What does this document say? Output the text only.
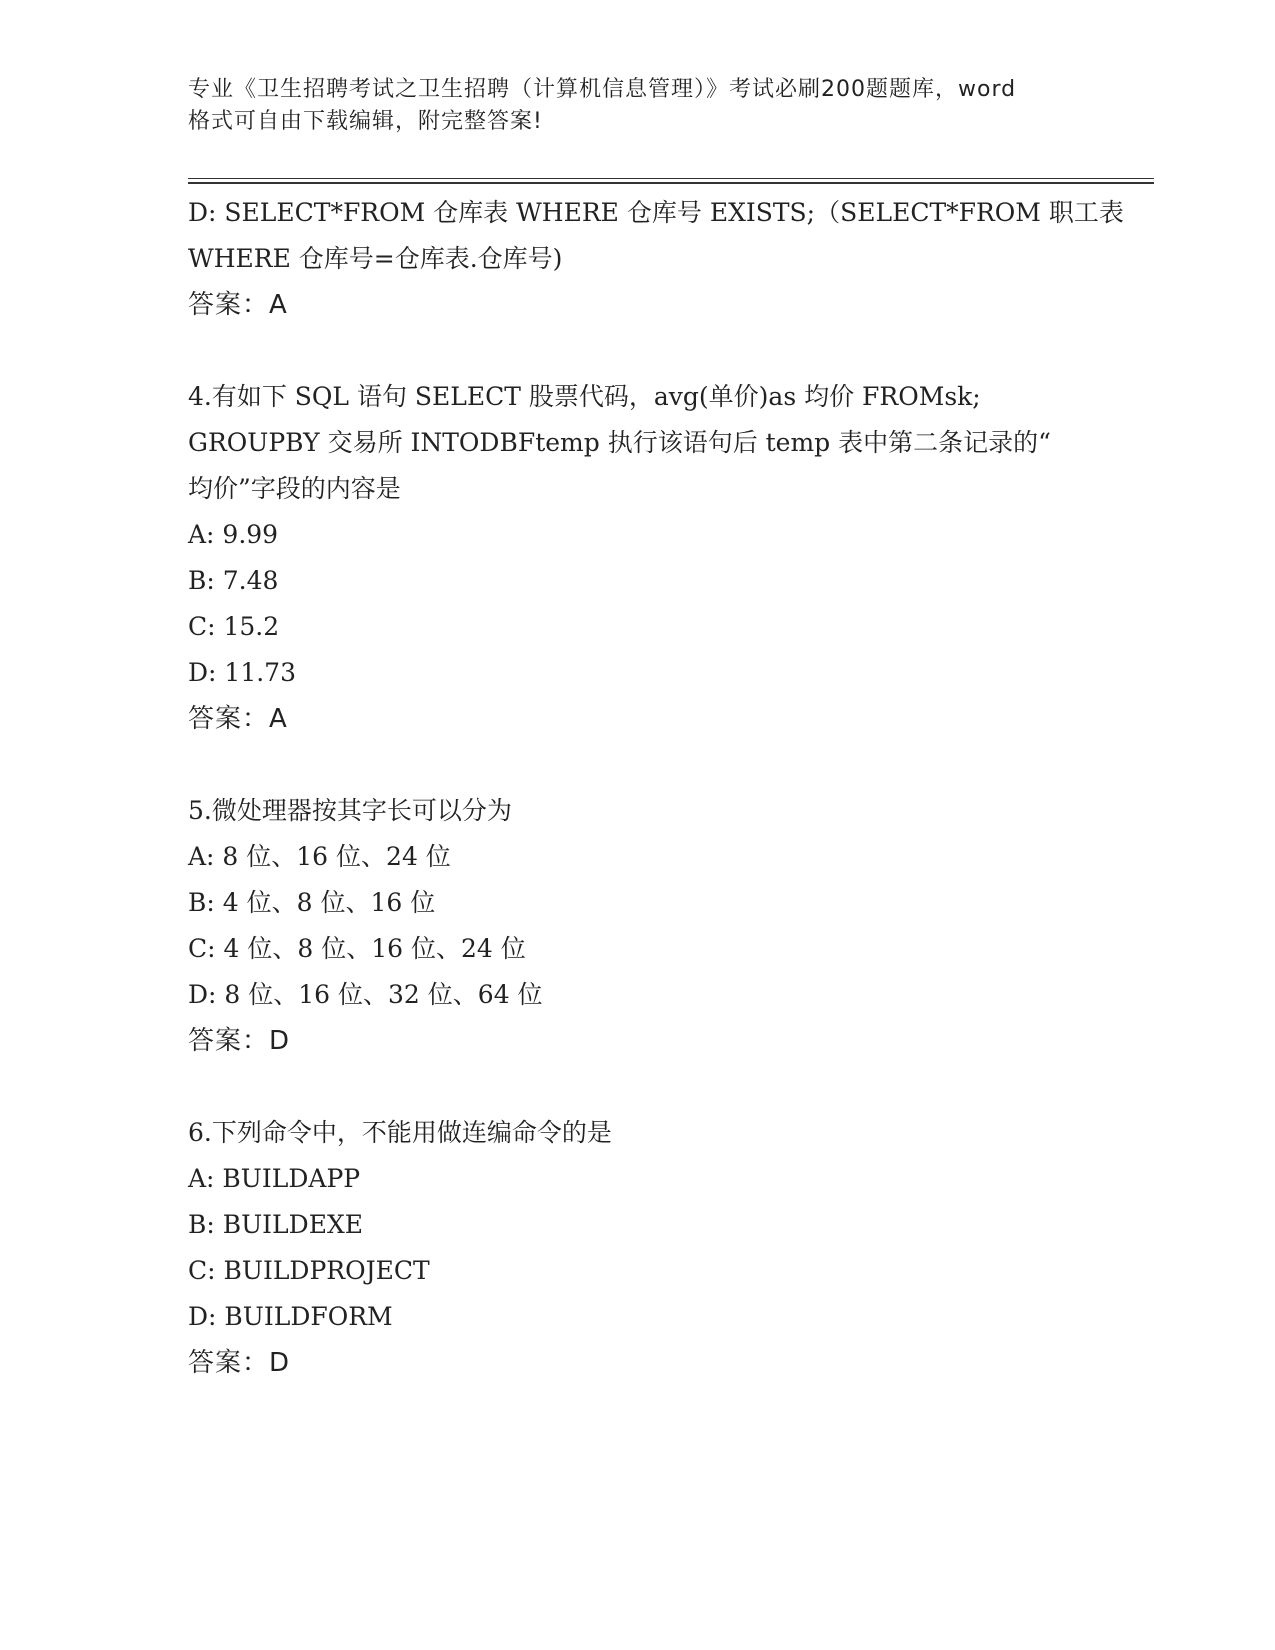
专业《卫生招聘考试之卫生招聘（计算机信息管理）》考试必刷200题题库，word
格式可自由下载编辑，附完整答案!
D: SELECT*FROM 仓库表 WHERE 仓库号 EXISTS;（SELECT*FROM 职工表
WHERE 仓库号=仓库表.仓库号)
答案：A
4.有如下 SQL 语句 SELECT 股票代码，avg(单价)as 均价 FROMsk;
GROUPBY 交易所 INTODBFtemp 执行该语句后 temp 表中第二条记录的“
均价”字段的内容是
A: 9.99
B: 7.48
C: 15.2
D: 11.73
答案：A
5.微处理器按其字长可以分为
A: 8 位、16 位、24 位
B: 4 位、8 位、16 位
C: 4 位、8 位、16 位、24 位
D: 8 位、16 位、32 位、64 位
答案：D
6.下列命令中，不能用做连编命令的是
A: BUILDAPP
B: BUILDEXE
C: BUILDPROJECT
D: BUILDFORM
答案：D
